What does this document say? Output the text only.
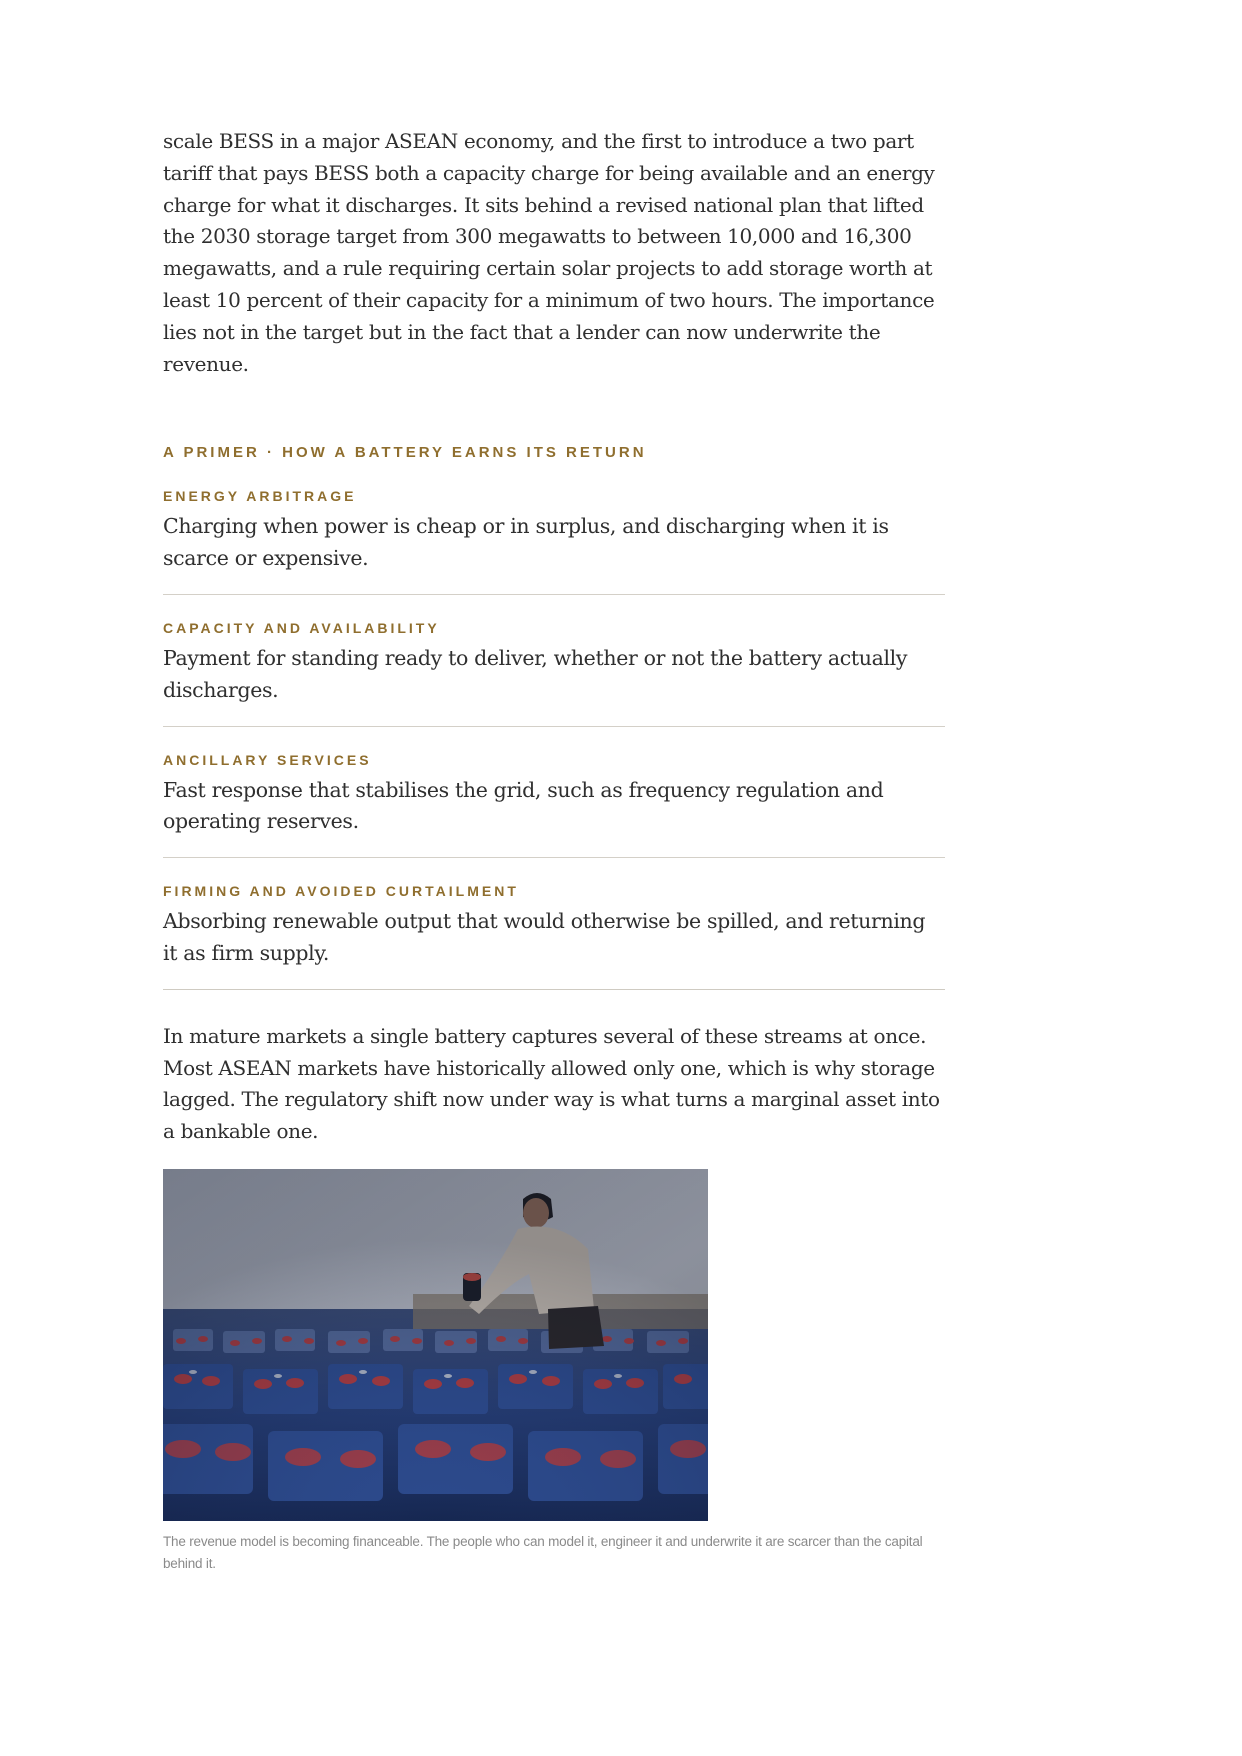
scale BESS in a major ASEAN economy, and the first to introduce a two part tariff that pays BESS both a capacity charge for being available and an energy charge for what it discharges. It sits behind a revised national plan that lifted the 2030 storage target from 300 megawatts to between 10,000 and 16,300 megawatts, and a rule requiring certain solar projects to add storage worth at least 10 percent of their capacity for a minimum of two hours. The importance lies not in the target but in the fact that a lender can now underwrite the revenue.

A PRIMER · HOW A BATTERY EARNS ITS RETURN
ENERGY ARBITRAGE

Charging when power is cheap or in surplus, and discharging when it is scarce or expensive.

CAPACITY AND AVAILABILITY

Payment for standing ready to deliver, whether or not the battery actually discharges.

ANCILLARY SERVICES

Fast response that stabilises the grid, such as frequency regulation and operating reserves.

FIRMING AND AVOIDED CURTAILMENT

Absorbing renewable output that would otherwise be spilled, and returning it as firm supply.

In mature markets a single battery captures several of these streams at once. Most ASEAN markets have historically allowed only one, which is why storage lagged. The regulatory shift now under way is what turns a marginal asset into a bankable one.

The revenue model is becoming financeable. The people who can model it, engineer it and underwrite it are scarcer than the capital behind it.
